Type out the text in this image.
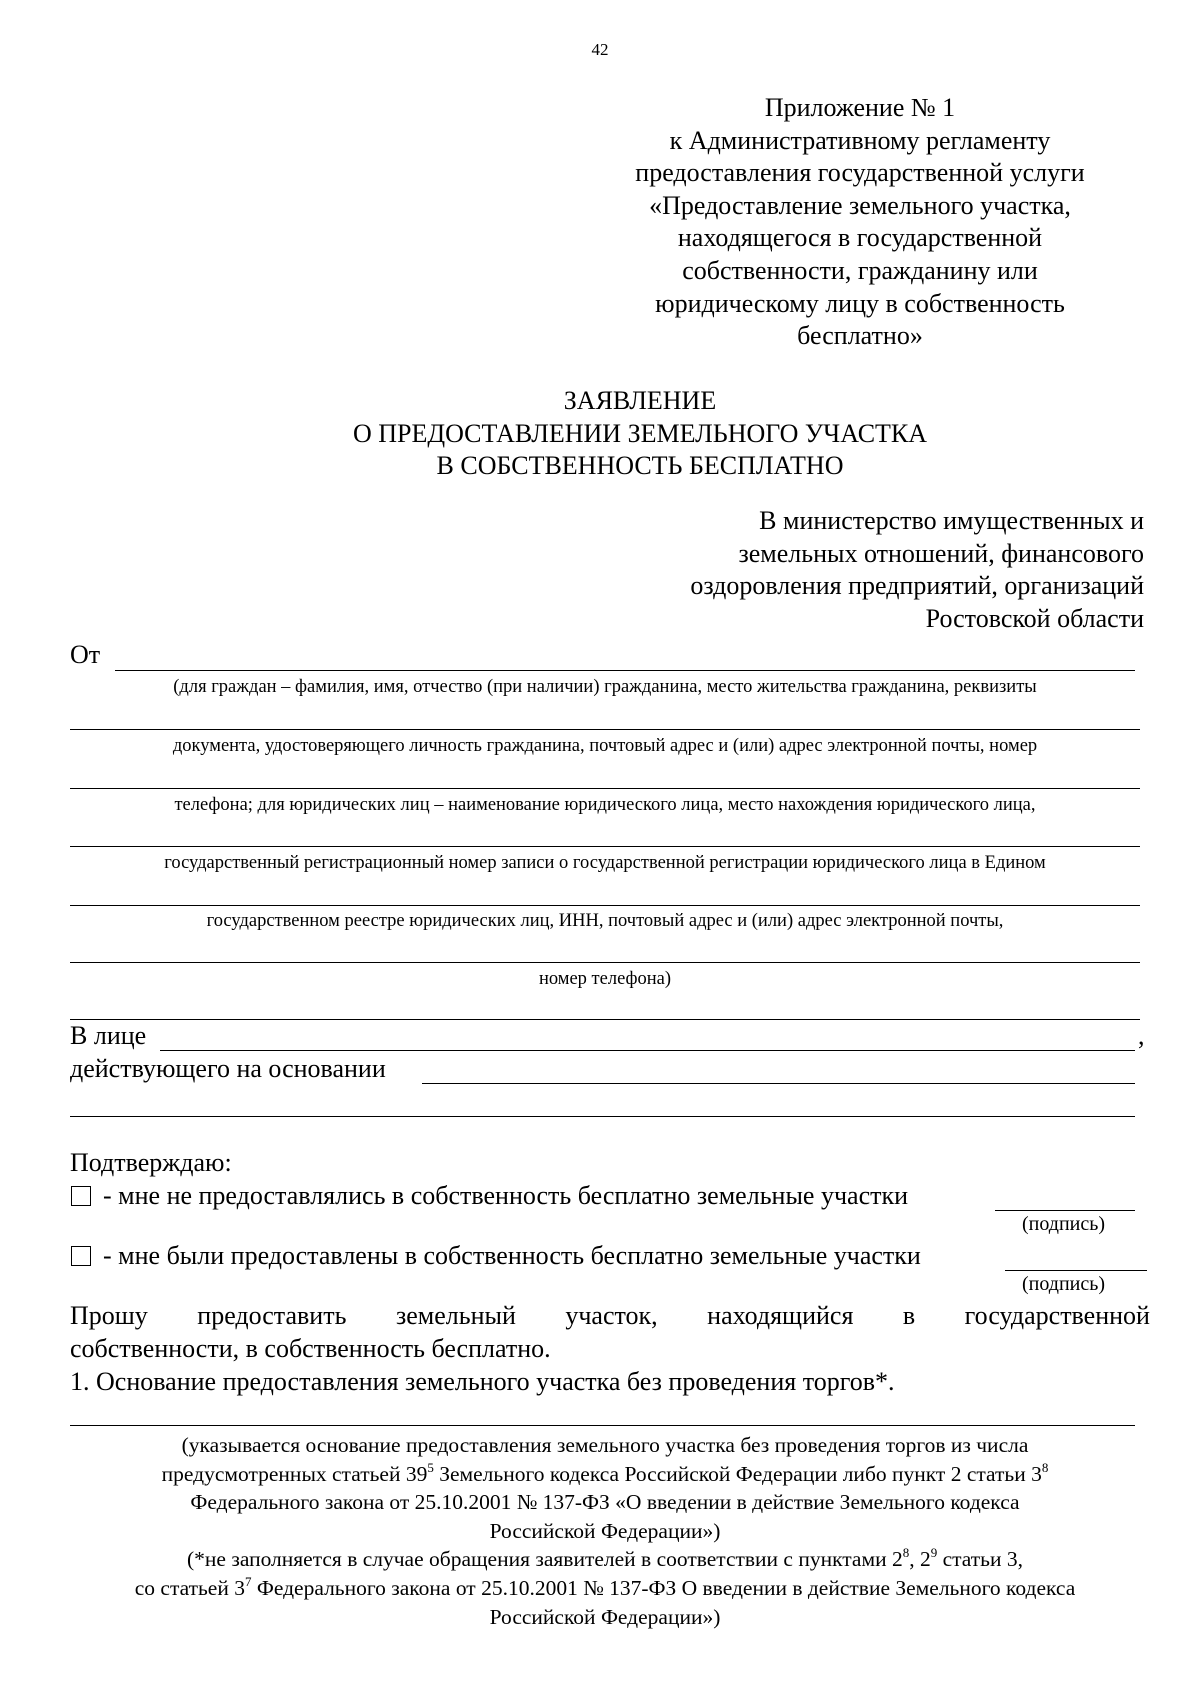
42
Приложение № 1
к Административному регламенту
предоставления государственной услуги
«Предоставление земельного участка,
находящегося в государственной
собственности, гражданину или
юридическому лицу в собственность
бесплатно»
ЗАЯВЛЕНИЕ
О ПРЕДОСТАВЛЕНИИ ЗЕМЕЛЬНОГО УЧАСТКА
В СОБСТВЕННОСТЬ БЕСПЛАТНО
В министерство имущественных и
земельных отношений, финансового
оздоровления предприятий, организаций
Ростовской области
От
(для граждан – фамилия, имя, отчество (при наличии) гражданина, место жительства гражданина, реквизиты
документа, удостоверяющего личность гражданина, почтовый адрес и (или) адрес электронной почты, номер
телефона; для юридических лиц – наименование юридического лица, место нахождения юридического лица,
государственный регистрационный номер записи о государственной регистрации юридического лица в Едином
государственном реестре юридических лиц, ИНН, почтовый адрес и (или) адрес электронной почты,
номер телефона)
В лице	,
действующего на основании
Подтверждаю:
- мне не предоставлялись в собственность бесплатно земельные участки
(подпись)
- мне были предоставлены в собственность бесплатно земельные участки
(подпись)
Прошу предоставить земельный участок, находящийся в государственной
собственности, в собственность бесплатно.
1. Основание предоставления земельного участка без проведения торгов*.
(указывается основание предоставления земельного участка без проведения торгов из числа
предусмотренных статьей $39^5$ Земельного кодекса Российской Федерации либо пункт 2 статьи $3^8$
Федерального закона от 25.10.2001 № 137-ФЗ «О введении в действие Земельного кодекса
Российской Федерации»)
(*не заполняется в случае обращения заявителей в соответствии с пунктами $2^8$, $2^9$ статьи 3,
со статьей $3^7$ Федерального закона от 25.10.2001 № 137-ФЗ О введении в действие Земельного кодекса
Российской Федерации»)
